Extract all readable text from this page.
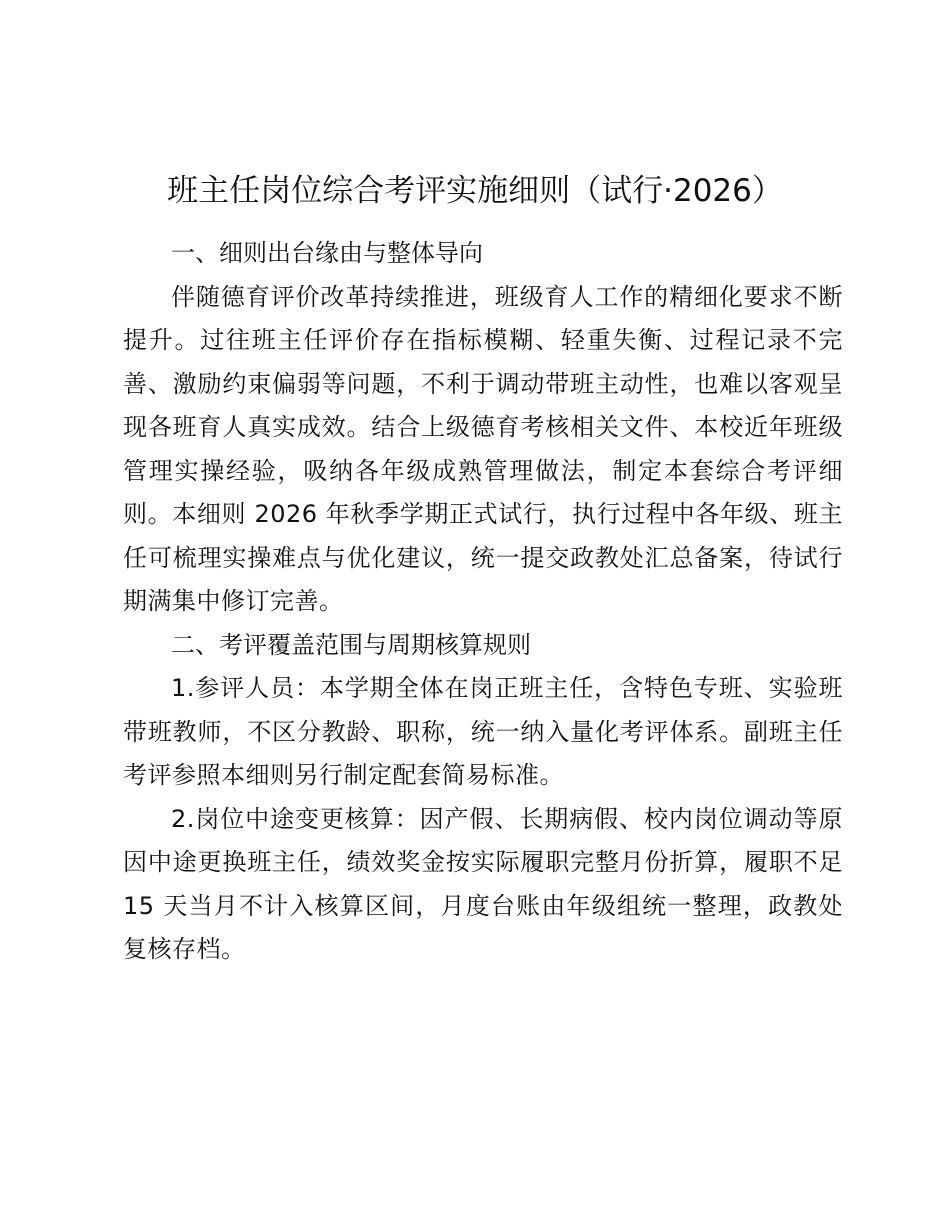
班主任岗位综合考评实施细则（试行·2026）

一、细则出台缘由与整体导向

伴随德育评价改革持续推进，班级育人工作的精细化要求不断提升。过往班主任评价存在指标模糊、轻重失衡、过程记录不完善、激励约束偏弱等问题，不利于调动带班主动性，也难以客观呈现各班育人真实成效。结合上级德育考核相关文件、本校近年班级管理实操经验，吸纳各年级成熟管理做法，制定本套综合考评细则。本细则 2026 年秋季学期正式试行，执行过程中各年级、班主任可梳理实操难点与优化建议，统一提交政教处汇总备案，待试行期满集中修订完善。

二、考评覆盖范围与周期核算规则

1.参评人员：本学期全体在岗正班主任，含特色专班、实验班带班教师，不区分教龄、职称，统一纳入量化考评体系。副班主任考评参照本细则另行制定配套简易标准。

2.岗位中途变更核算：因产假、长期病假、校内岗位调动等原因中途更换班主任，绩效奖金按实际履职完整月份折算，履职不足 15 天当月不计入核算区间，月度台账由年级组统一整理，政教处复核存档。
